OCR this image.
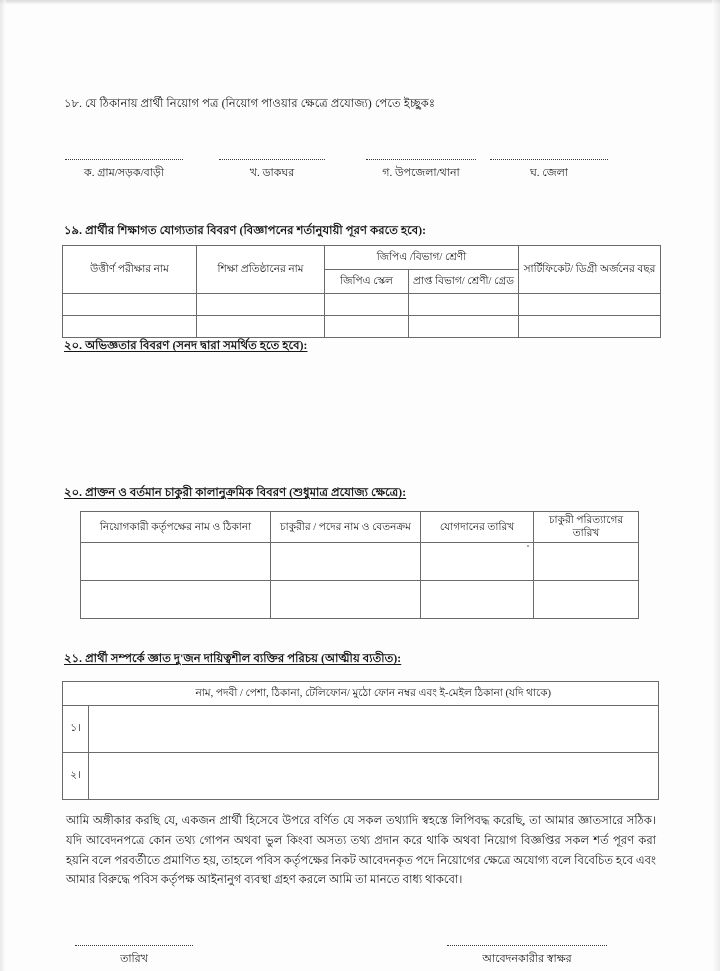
১৮. যে ঠিকানায় প্রার্থী নিয়োগ পত্র (নিয়োগ পাওয়ার ক্ষেত্রে প্রযোজ্য) পেতে ইচ্ছুকঃ
ক. গ্রাম/সড়ক/বাড়ী	খ. ডাকঘর	গ. উপজেলা/থানা	ঘ. জেলা
১৯. প্রার্থীর শিক্ষাগত যোগ্যতার বিবরণ (বিজ্ঞাপনের শর্তানুযায়ী পূরণ করতে হবে):
উত্তীর্ণ পরীক্ষার নাম	শিক্ষা প্রতিষ্ঠানের নাম	জিপিএ /বিভাগ/ শ্রেণী		সার্টিফিকেট/ ডিগ্রী অর্জনের বছর
		জিপিএ স্কেল	প্রাপ্ত বিভাগ/ শ্রেণী/ গ্রেড	

২০. অভিজ্ঞতার বিবরণ (সনদ দ্বারা সমর্থিত হতে হবে):
২০. প্রাক্তন ও বর্তমান চাকুরী কালানুক্রমিক বিবরণ (শুধুমাত্র প্রযোজ্য ক্ষেত্রে):
নিয়োগকারী কর্তৃপক্ষের নাম ও ঠিকানা	চাকুরীর / পদের নাম ও বেতনক্রম	যোগদানের তারিখ	চাকুরী পরিত্যাগের তারিখ

২১. প্রার্থী সম্পর্কে জ্ঞাত দু'জন দায়িত্বশীল ব্যক্তির পরিচয় (আত্মীয় ব্যতীত):
	নাম, পদবী / পেশা, ঠিকানা, টেলিফোন/ মুঠো ফোন নম্বর এবং ই-মেইল ঠিকানা (যদি থাকে)
১।	
২।	
আমি অঙ্গীকার করছি যে, একজন প্রার্থী হিসেবে উপরে বর্ণিত যে সকল তথ্যাদি স্বহস্তে লিপিবদ্ধ করেছি, তা আমার জ্ঞাতসারে সঠিক। যদি আবেদনপত্রে কোন তথ্য গোপন অথবা ভুল কিংবা অসত্য তথ্য প্রদান করে থাকি অথবা নিয়োগ বিজ্ঞপ্তির সকল শর্ত পূরণ করা হয়নি বলে পরবর্তীতে প্রমাণিত হয়, তাহলে পবিস কর্তৃপক্ষের নিকট আবেদনকৃত পদে নিয়োগের ক্ষেত্রে অযোগ্য বলে বিবেচিত হবে এবং আমার বিরুদ্ধে পবিস কর্তৃপক্ষ আইনানুগ ব্যবস্থা গ্রহণ করলে আমি তা মানতে বাধ্য থাকবো।
তারিখ	আবেদনকারীর স্বাক্ষর
